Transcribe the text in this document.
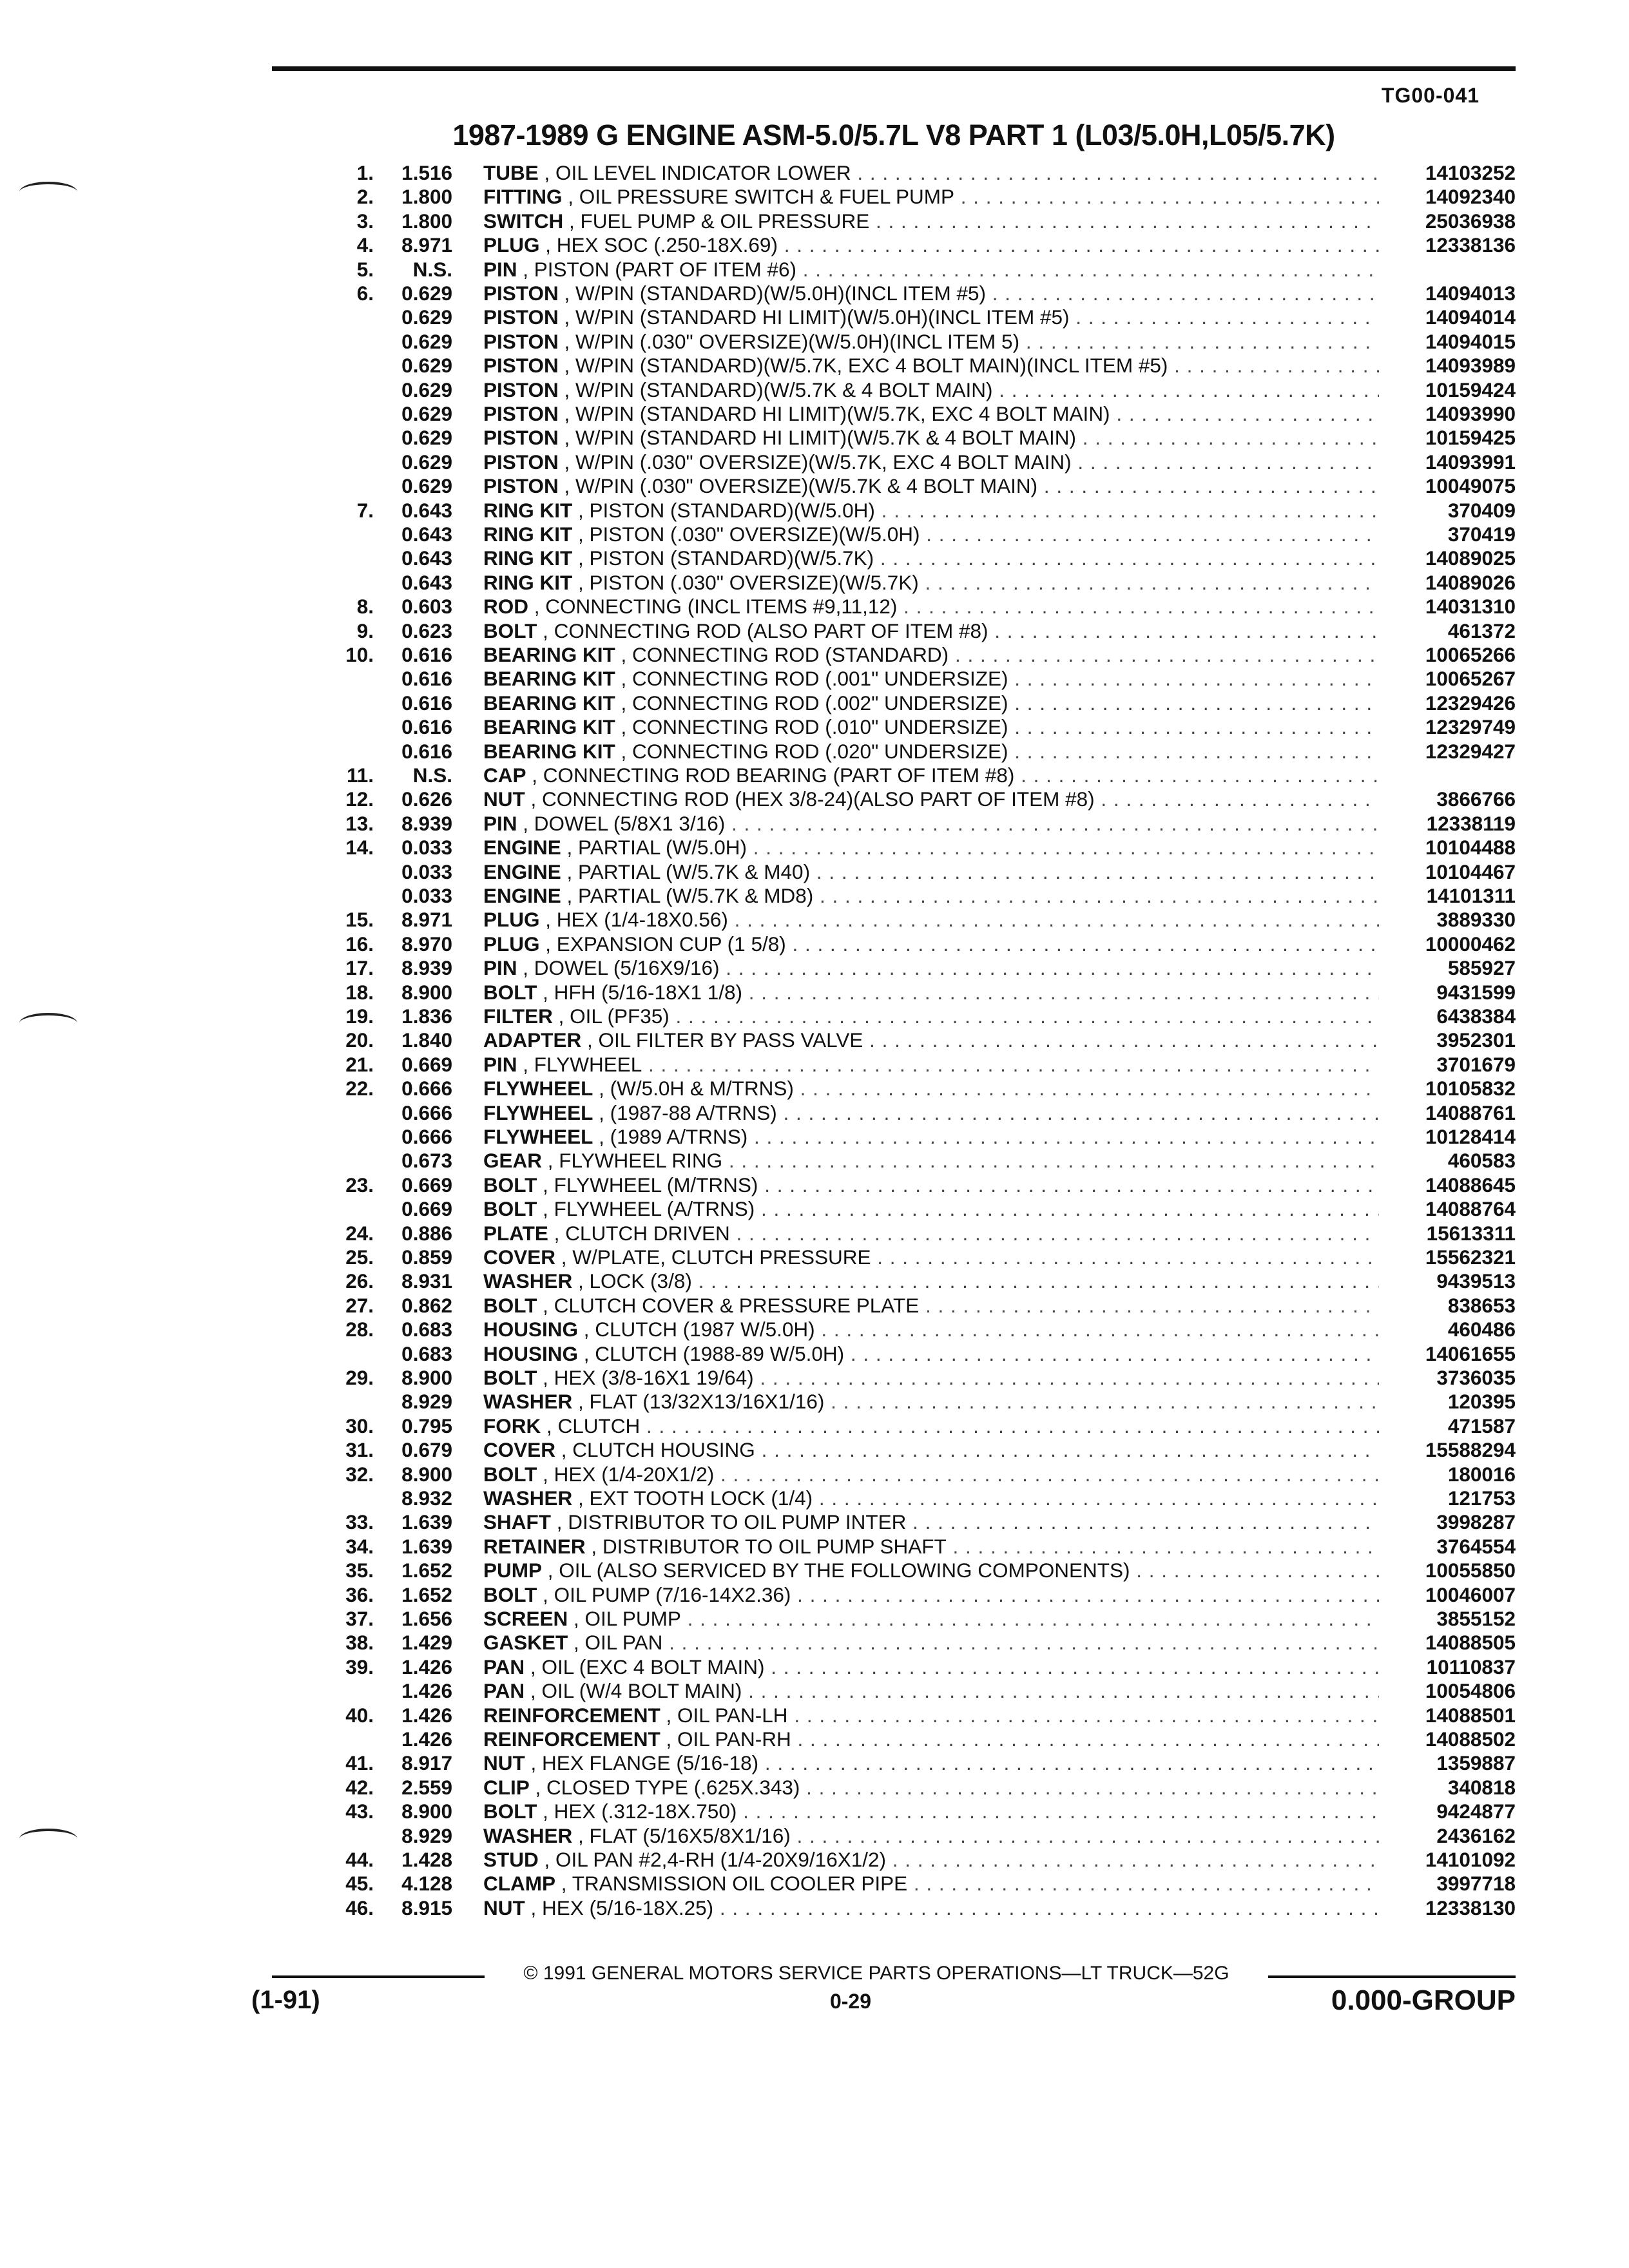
TG00-041
1987-1989 G ENGINE ASM-5.0/5.7L V8 PART 1 (L03/5.0H,L05/5.7K)
1.	1.516 TUBE , OIL LEVEL INDICATOR LOWER . . .	14103252
2.	1.800 FITTING , OIL PRESSURE SWITCH & FUEL PUMP . . .	14092340
3.	1.800 SWITCH , FUEL PUMP & OIL PRESSURE . . .	25036938
4.	8.971 PLUG , HEX SOC (.250-18X.69) . . .	12338136
5.	N.S. PIN , PISTON (PART OF ITEM #6) . . .
6.	0.629 PISTON , W/PIN (STANDARD)(W/5.0H)(INCL ITEM #5) . . .	14094013
0.629 PISTON , W/PIN (STANDARD HI LIMIT)(W/5.0H)(INCL ITEM #5) . . .	14094014
0.629 PISTON , W/PIN (.030" OVERSIZE)(W/5.0H)(INCL ITEM 5) . . .	14094015
0.629 PISTON , W/PIN (STANDARD)(W/5.7K, EXC 4 BOLT MAIN)(INCL ITEM #5) . . .	14093989
0.629 PISTON , W/PIN (STANDARD)(W/5.7K & 4 BOLT MAIN) . . .	10159424
0.629 PISTON , W/PIN (STANDARD HI LIMIT)(W/5.7K, EXC 4 BOLT MAIN) . . .	14093990
0.629 PISTON , W/PIN (STANDARD HI LIMIT)(W/5.7K & 4 BOLT MAIN) . . .	10159425
0.629 PISTON , W/PIN (.030" OVERSIZE)(W/5.7K, EXC 4 BOLT MAIN) . . .	14093991
0.629 PISTON , W/PIN (.030" OVERSIZE)(W/5.7K & 4 BOLT MAIN) . . .	10049075
7.	0.643 RING KIT , PISTON (STANDARD)(W/5.0H) . . .	370409
0.643 RING KIT , PISTON (.030" OVERSIZE)(W/5.0H) . . .	370419
0.643 RING KIT , PISTON (STANDARD)(W/5.7K) . . .	14089025
0.643 RING KIT , PISTON (.030" OVERSIZE)(W/5.7K) . . .	14089026
8.	0.603 ROD , CONNECTING (INCL ITEMS #9,11,12) . . .	14031310
9.	0.623 BOLT , CONNECTING ROD (ALSO PART OF ITEM #8) . . .	461372
10.	0.616 BEARING KIT , CONNECTING ROD (STANDARD) . . .	10065266
0.616 BEARING KIT , CONNECTING ROD (.001" UNDERSIZE) . . .	10065267
0.616 BEARING KIT , CONNECTING ROD (.002" UNDERSIZE) . . .	12329426
0.616 BEARING KIT , CONNECTING ROD (.010" UNDERSIZE) . . .	12329749
0.616 BEARING KIT , CONNECTING ROD (.020" UNDERSIZE) . . .	12329427
11.	N.S. CAP , CONNECTING ROD BEARING (PART OF ITEM #8) . . .
12.	0.626 NUT , CONNECTING ROD (HEX 3/8-24)(ALSO PART OF ITEM #8) . . .	3866766
13.	8.939 PIN , DOWEL (5/8X1 3/16) . . .	12338119
14.	0.033 ENGINE , PARTIAL (W/5.0H) . . .	10104488
0.033 ENGINE , PARTIAL (W/5.7K & M40) . . .	10104467
0.033 ENGINE , PARTIAL (W/5.7K & MD8) . . .	14101311
15.	8.971 PLUG , HEX (1/4-18X0.56) . . .	3889330
16.	8.970 PLUG , EXPANSION CUP (1 5/8) . . .	10000462
17.	8.939 PIN , DOWEL (5/16X9/16) . . .	585927
18.	8.900 BOLT , HFH (5/16-18X1 1/8) . . .	9431599
19.	1.836 FILTER , OIL (PF35) . . .	6438384
20.	1.840 ADAPTER , OIL FILTER BY PASS VALVE . . .	3952301
21.	0.669 PIN , FLYWHEEL . . .	3701679
22.	0.666 FLYWHEEL , (W/5.0H & M/TRNS) . . .	10105832
0.666 FLYWHEEL , (1987-88 A/TRNS) . . .	14088761
0.666 FLYWHEEL , (1989 A/TRNS) . . .	10128414
0.673 GEAR , FLYWHEEL RING . . .	460583
23.	0.669 BOLT , FLYWHEEL (M/TRNS) . . .	14088645
0.669 BOLT , FLYWHEEL (A/TRNS) . . .	14088764
24.	0.886 PLATE , CLUTCH DRIVEN . . .	15613311
25.	0.859 COVER , W/PLATE, CLUTCH PRESSURE . . .	15562321
26.	8.931 WASHER , LOCK (3/8) . . .	9439513
27.	0.862 BOLT , CLUTCH COVER & PRESSURE PLATE . . .	838653
28.	0.683 HOUSING , CLUTCH (1987 W/5.0H) . . .	460486
0.683 HOUSING , CLUTCH (1988-89 W/5.0H) . . .	14061655
29.	8.900 BOLT , HEX (3/8-16X1 19/64) . . .	3736035
8.929 WASHER , FLAT (13/32X13/16X1/16) . . .	120395
30.	0.795 FORK , CLUTCH . . .	471587
31.	0.679 COVER , CLUTCH HOUSING . . .	15588294
32.	8.900 BOLT , HEX (1/4-20X1/2) . . .	180016
8.932 WASHER , EXT TOOTH LOCK (1/4) . . .	121753
33.	1.639 SHAFT , DISTRIBUTOR TO OIL PUMP INTER . . .	3998287
34.	1.639 RETAINER , DISTRIBUTOR TO OIL PUMP SHAFT . . .	3764554
35.	1.652 PUMP , OIL (ALSO SERVICED BY THE FOLLOWING COMPONENTS) . . .	10055850
36.	1.652 BOLT , OIL PUMP (7/16-14X2.36) . . .	10046007
37.	1.656 SCREEN , OIL PUMP . . .	3855152
38.	1.429 GASKET , OIL PAN . . .	14088505
39.	1.426 PAN , OIL (EXC 4 BOLT MAIN) . . .	10110837
1.426 PAN , OIL (W/4 BOLT MAIN) . . .	10054806
40.	1.426 REINFORCEMENT , OIL PAN-LH . . .	14088501
1.426 REINFORCEMENT , OIL PAN-RH . . .	14088502
41.	8.917 NUT , HEX FLANGE (5/16-18) . . .	1359887
42.	2.559 CLIP , CLOSED TYPE (.625X.343) . . .	340818
43.	8.900 BOLT , HEX (.312-18X.750) . . .	9424877
8.929 WASHER , FLAT (5/16X5/8X1/16) . . .	2436162
44.	1.428 STUD , OIL PAN #2,4-RH (1/4-20X9/16X1/2) . . .	14101092
45.	4.128 CLAMP , TRANSMISSION OIL COOLER PIPE . . .	3997718
46.	8.915 NUT , HEX (5/16-18X.25) . . .	12338130
© 1991 GENERAL MOTORS SERVICE PARTS OPERATIONS—LT TRUCK—52G
(1-91)	0-29	0.000-GROUP
